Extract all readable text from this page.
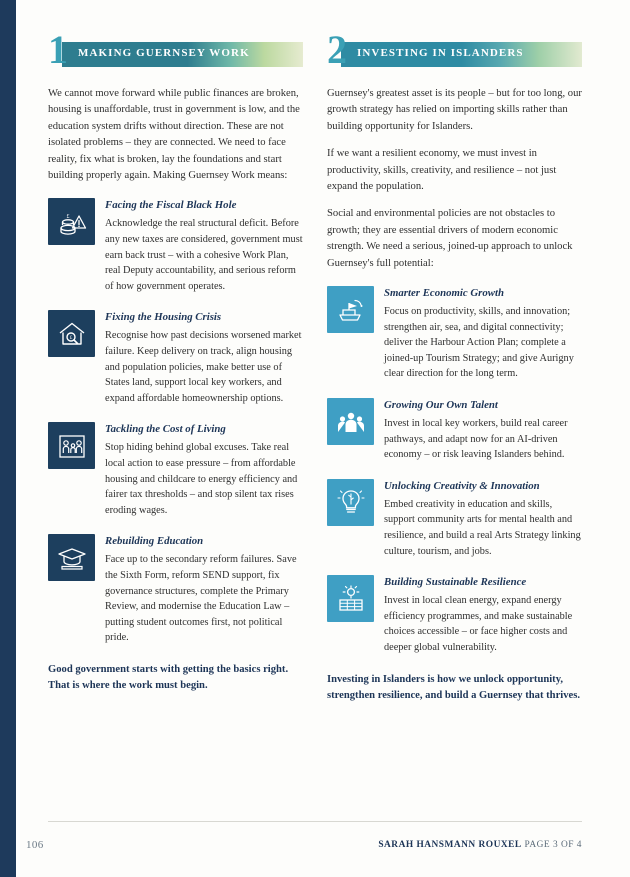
1 MAKING GUERNSEY WORK

We cannot move forward while public finances are broken, housing is unaffordable, trust in government is low, and the education system drifts without direction. These are not isolated problems – they are connected. We need to face reality, fix what is broken, lay the foundations and start building properly again. Making Guernsey Work means:

£

Facing the Fiscal Black Hole

Acknowledge the real structural deficit. Before any new taxes are considered, government must earn back trust – with a cohesive Work Plan, real Deputy accountability, and serious reform of how government operates.

£

Fixing the Housing Crisis

Recognise how past decisions worsened market failure. Keep delivery on track, align housing and population policies, make better use of States land, support local key workers, and expand affordable homeownership options.

Tackling the Cost of Living

Stop hiding behind global excuses. Take real local action to ease pressure – from affordable housing and childcare to energy efficiency and fairer tax thresholds – and stop silent tax rises eroding wages.

Rebuilding Education

Face up to the secondary reform failures. Save the Sixth Form, reform SEND support, fix governance structures, complete the Primary Review, and modernise the Education Law – putting student outcomes first, not political pride.

Good government starts with getting the basics right. That is where the work must begin.
2 INVESTING IN ISLANDERS

Guernsey's greatest asset is its people – but for too long, our growth strategy has relied on importing skills rather than building opportunity for Islanders.

If we want a resilient economy, we must invest in productivity, skills, creativity, and resilience – not just expand the population.

Social and environmental policies are not obstacles to growth; they are essential drivers of modern economic strength. We need a serious, joined-up approach to unlock Guernsey's full potential:

Smarter Economic Growth

Focus on productivity, skills, and innovation; strengthen air, sea, and digital connectivity; deliver the Harbour Action Plan; complete a joined-up Tourism Strategy; and give Aurigny clear direction for the long term.

Growing Our Own Talent

Invest in local key workers, build real career pathways, and adapt now for an AI-driven economy – or risk leaving Islanders behind.

Unlocking Creativity & Innovation

Embed creativity in education and skills, support community arts for mental health and resilience, and build a real Arts Strategy linking culture, tourism, and jobs.

Building Sustainable Resilience

Invest in local clean energy, expand energy efficiency programmes, and make sustainable choices accessible – or face higher costs and deeper global vulnerability.

Investing in Islanders is how we unlock opportunity, strengthen resilience, and build a Guernsey that thrives.
106	SARAH HANSMANN ROUXEL PAGE 3 OF 4
